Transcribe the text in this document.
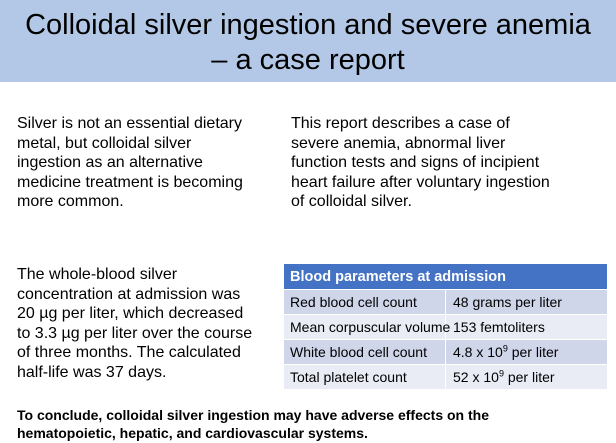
Colloidal silver ingestion and severe anemia
– a case report

Silver is not an essential dietary
metal, but colloidal silver
ingestion as an alternative
medicine treatment is becoming
more common.

This report describes a case of
severe anemia, abnormal liver
function tests and signs of incipient
heart failure after voluntary ingestion
of colloidal silver.

The whole-blood silver
concentration at admission was
20 µg per liter, which decreased
to 3.3 µg per liter over the course
of three months. The calculated
half-life was 37 days.

Blood parameters at admission	
Red blood cell count	48 grams per liter
Mean corpuscular volume	153 femtoliters
White blood cell count	4.8 x $10^9$ per liter
Total platelet count	52 x $10^9$ per liter

To conclude, colloidal silver ingestion may have adverse effects on the
hematopoietic, hepatic, and cardiovascular systems.
